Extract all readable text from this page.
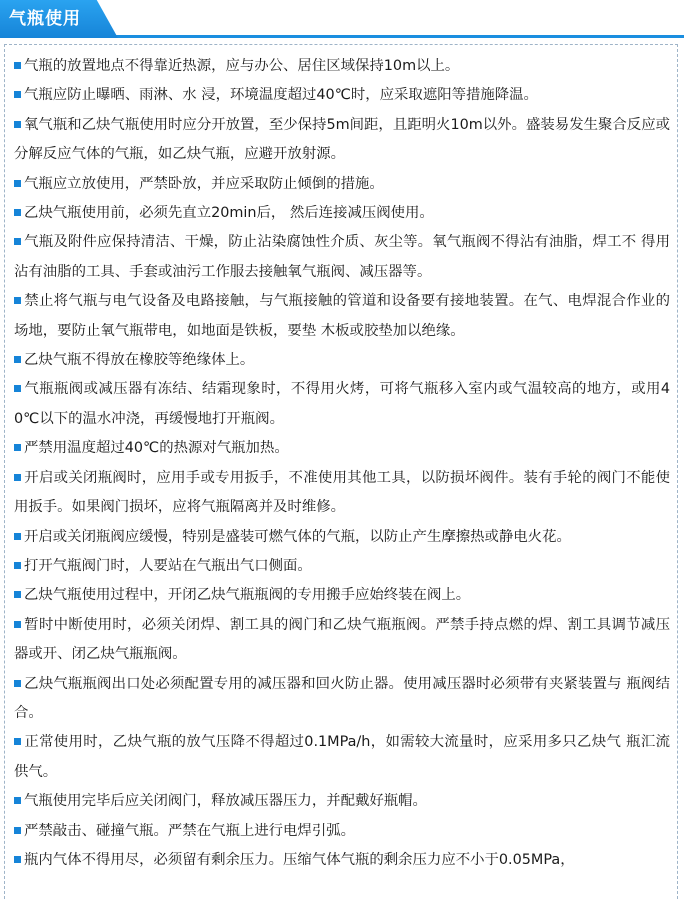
气瓶使用
气瓶的放置地点不得靠近热源，应与办公、居住区域保持10m以上。
气瓶应防止曝晒、雨淋、水 浸，环境温度超过40℃时，应采取遮阳等措施降温。
氧气瓶和乙炔气瓶使用时应分开放置，至少保持5m间距，且距明火10m以外。盛装易发生聚合反应或分解反应气体的气瓶，如乙炔气瓶，应避开放射源。
气瓶应立放使用，严禁卧放，并应采取防止倾倒的措施。
乙炔气瓶使用前，必须先直立20min后， 然后连接减压阀使用。
气瓶及附件应保持清洁、干燥，防止沾染腐蚀性介质、灰尘等。氧气瓶阀不得沾有油脂，焊工不 得用沾有油脂的工具、手套或油污工作服去接触氧气瓶阀、减压器等。
禁止将气瓶与电气设备及电路接触，与气瓶接触的管道和设备要有接地装置。在气、电焊混合作业的场地，要防止氧气瓶带电，如地面是铁板，要垫 木板或胶垫加以绝缘。
乙炔气瓶不得放在橡胶等绝缘体上。
气瓶瓶阀或减压器有冻结、结霜现象时，不得用火烤，可将气瓶移入室内或气温较高的地方，或用40℃以下的温水冲浇，再缓慢地打开瓶阀。
严禁用温度超过40℃的热源对气瓶加热。
开启或关闭瓶阀时，应用手或专用扳手，不准使用其他工具，以防损坏阀件。装有手轮的阀门不能使用扳手。如果阀门损坏，应将气瓶隔离并及时维修。
开启或关闭瓶阀应缓慢，特别是盛装可燃气体的气瓶，以防止产生摩擦热或静电火花。
打开气瓶阀门时，人要站在气瓶出气口侧面。
乙炔气瓶使用过程中，开闭乙炔气瓶瓶阀的专用搬手应始终装在阀上。
暂时中断使用时，必须关闭焊、割工具的阀门和乙炔气瓶瓶阀。严禁手持点燃的焊、割工具调节减压器或开、闭乙炔气瓶瓶阀。
乙炔气瓶瓶阀出口处必须配置专用的减压器和回火防止器。使用减压器时必须带有夹紧装置与 瓶阀结合。
正常使用时，乙炔气瓶的放气压降不得超过0.1MPa/h，如需较大流量时，应采用多只乙炔气 瓶汇流供气。
气瓶使用完毕后应关闭阀门，释放减压器压力，并配戴好瓶帽。
严禁敲击、碰撞气瓶。严禁在气瓶上进行电焊引弧。
瓶内气体不得用尽，必须留有剩余压力。压缩气体气瓶的剩余压力应不小于0.05MPa，
